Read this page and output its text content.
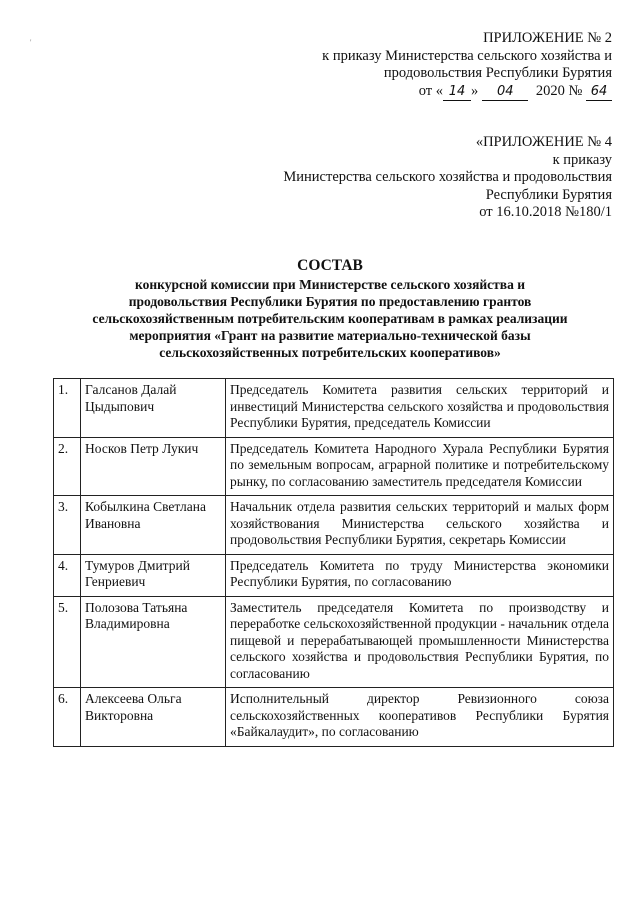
'	ПРИЛОЖЕНИЕ № 2
к приказу Министерства сельского хозяйства и
продовольствия Республики Бурятия
от « 14 » 04 2020 № 64
«ПРИЛОЖЕНИЕ № 4
к приказу
Министерства сельского хозяйства и продовольствия
Республики Бурятия
от 16.10.2018 №180/1
СОСТАВ
конкурсной комиссии при Министерстве сельского хозяйства и
продовольствия Республики Бурятия по предоставлению грантов
сельскохозяйственным потребительским кооперативам в рамках реализации
мероприятия «Грант на развитие материально-технической базы
сельскохозяйственных потребительских кооперативов»
1.	Галсанов Далай Цыдыпович	Председатель Комитета развития сельских территорий и инвестиций Министерства сельского хозяйства и продовольствия Республики Бурятия, председатель Комиссии
2.	Носков Петр Лукич	Председатель Комитета Народного Хурала Республики Бурятия по земельным вопросам, аграрной политике и потребительскому рынку, по согласованию заместитель председателя Комиссии
3.	Кобылкина Светлана Ивановна	Начальник отдела развития сельских территорий и малых форм хозяйствования Министерства сельского хозяйства и продовольствия Республики Бурятия, секретарь Комиссии
4.	Тумуров Дмитрий Генриевич	Председатель Комитета по труду Министерства экономики Республики Бурятия, по согласованию
5.	Полозова Татьяна Владимировна	Заместитель председателя Комитета по производству и переработке сельскохозяйственной продукции - начальник отдела пищевой и перерабатывающей промышленности Министерства сельского хозяйства и продовольствия Республики Бурятия, по согласованию
6.	Алексеева Ольга Викторовна	Исполнительный директор Ревизионного союза сельскохозяйственных кооперативов Республики Бурятия «Байкалаудит», по согласованию
